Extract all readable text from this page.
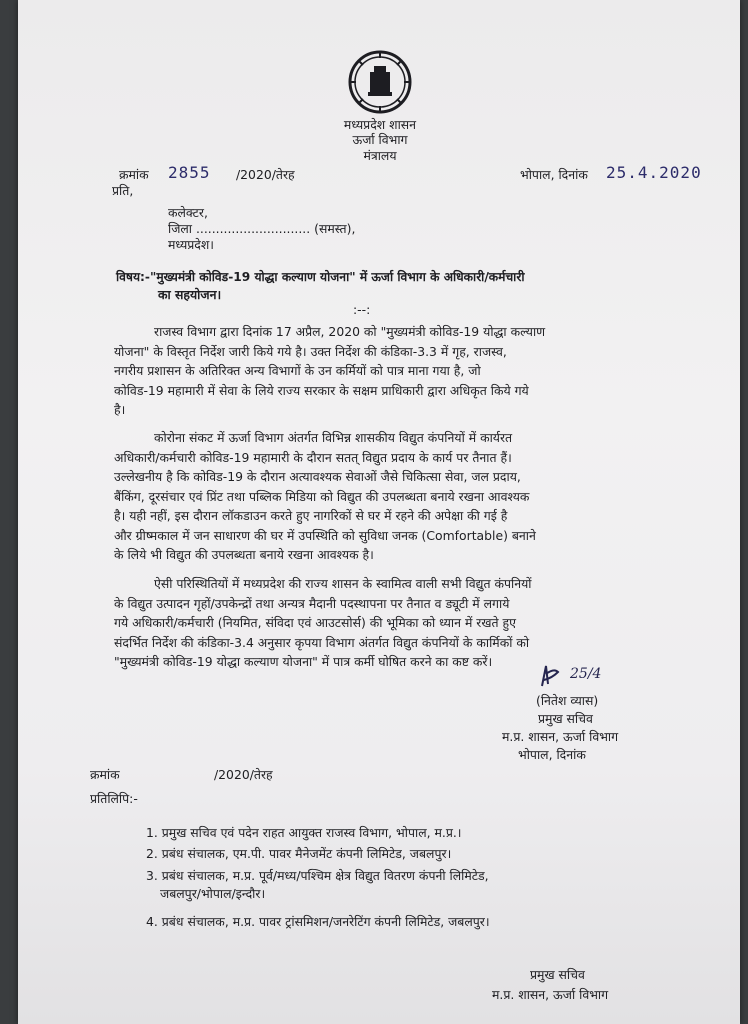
मध्यप्रदेश शासन
ऊर्जा विभाग
मंत्रालय
क्रमांक 2855 /2020/तेरह	भोपाल, दिनांक 25.4.2020
प्रति,
कलेक्टर,
जिला ............................. (समस्त),
मध्यप्रदेश।
विषय:-"मुख्यमंत्री कोविड-19 योद्धा कल्याण योजना" में ऊर्जा विभाग के अधिकारी/कर्मचारी
का सहयोजन।
:--:

राजस्व विभाग द्वारा दिनांक 17 अप्रैल, 2020 को "मुख्यमंत्री कोविड-19 योद्धा कल्याण

योजना" के विस्तृत निर्देश जारी किये गये है। उक्त निर्देश की कंडिका-3.3 में गृह, राजस्व,

नगरीय प्रशासन के अतिरिक्त अन्य विभागों के उन कर्मियों को पात्र माना गया है, जो

कोविड-19 महामारी में सेवा के लिये राज्य सरकार के सक्षम प्राधिकारी द्वारा अधिकृत किये गये

है।

कोरोना संकट में ऊर्जा विभाग अंतर्गत विभिन्न शासकीय विद्युत कंपनियों में कार्यरत

अधिकारी/कर्मचारी कोविड-19 महामारी के दौरान सतत् विद्युत प्रदाय के कार्य पर तैनात हैं।

उल्लेखनीय है कि कोविड-19 के दौरान अत्यावश्यक सेवाओं जैसे चिकित्सा सेवा, जल प्रदाय,

बैंकिंग, दूरसंचार एवं प्रिंट तथा पब्लिक मिडिया को विद्युत की उपलब्धता बनाये रखना आवश्यक

है। यही नहीं, इस दौरान लॉकडाउन करते हुए नागरिकों से घर में रहने की अपेक्षा की गई है

और ग्रीष्मकाल में जन साधारण की घर में उपस्थिति को सुविधा जनक (Comfortable) बनाने

के लिये भी विद्युत की उपलब्धता बनाये रखना आवश्यक है।

ऐसी परिस्थितियों में मध्यप्रदेश की राज्य शासन के स्वामित्व वाली सभी विद्युत कंपनियों

के विद्युत उत्पादन गृहों/उपकेन्द्रों तथा अन्यत्र मैदानी पदस्थापना पर तैनात व ड्यूटी में लगाये

गये अधिकारी/कर्मचारी (नियमित, संविदा एवं आउटसोर्स) की भूमिका को ध्यान में रखते हुए

संदर्भित निर्देश की कंडिका-3.4 अनुसार कृपया विभाग अंतर्गत विद्युत कंपनियों के कार्मिकों को

"मुख्यमंत्री कोविड-19 योद्धा कल्याण योजना" में पात्र कर्मी घोषित करने का कष्ट करें।

25/4
(नितेश व्यास)
प्रमुख सचिव
म.प्र. शासन, ऊर्जा विभाग
क्रमांक	/2020/तेरह
भोपाल, दिनांक
प्रतिलिपि:-
1. प्रमुख सचिव एवं पदेन राहत आयुक्त राजस्व विभाग, भोपाल, म.प्र.।
2. प्रबंध संचालक, एम.पी. पावर मैनेजमेंट कंपनी लिमिटेड, जबलपुर।
3. प्रबंध संचालक, म.प्र. पूर्व/मध्य/पश्चिम क्षेत्र विद्युत वितरण कंपनी लिमिटेड,
जबलपुर/भोपाल/इन्दौर।
4. प्रबंध संचालक, म.प्र. पावर ट्रांसमिशन/जनरेटिंग कंपनी लिमिटेड, जबलपुर।
प्रमुख सचिव
म.प्र. शासन, ऊर्जा विभाग
